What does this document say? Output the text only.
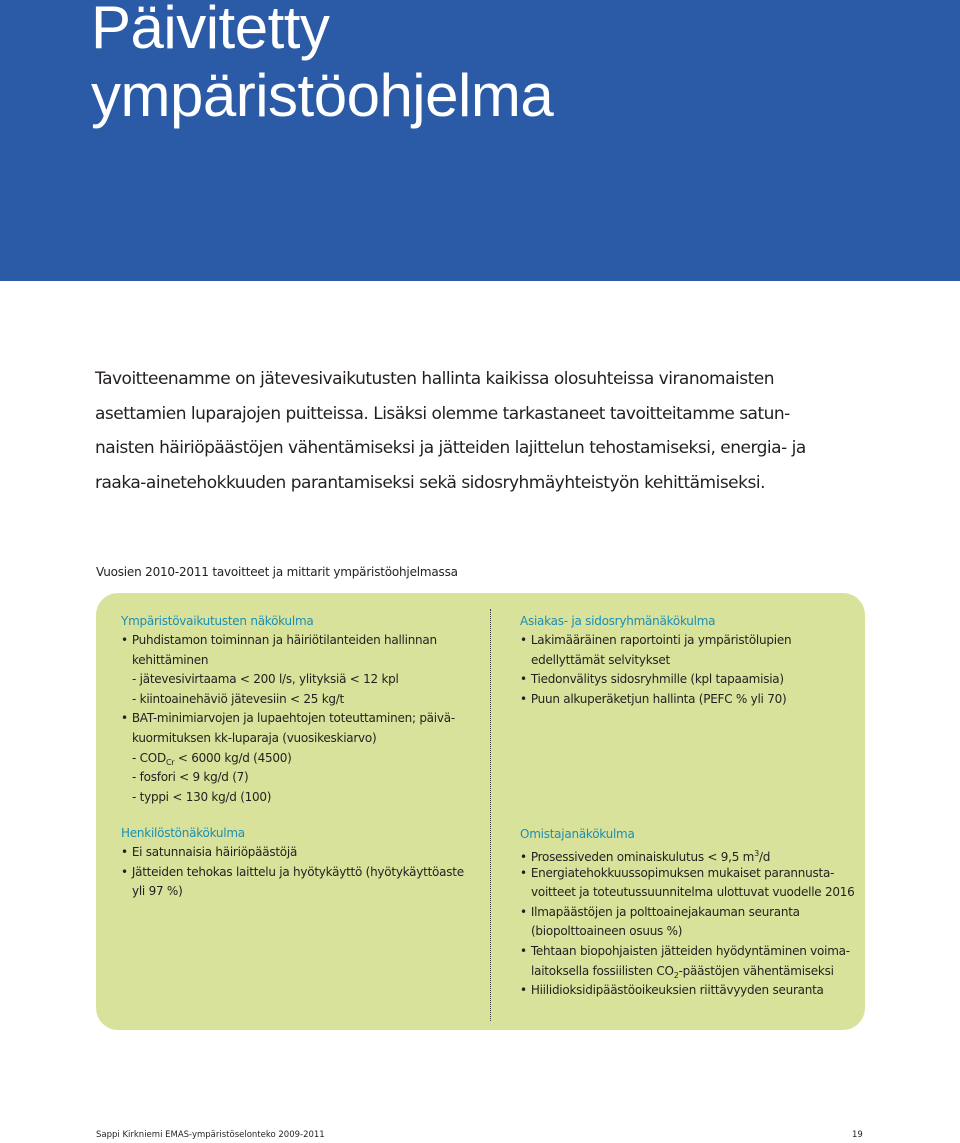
Päivitetty
ympäristöohjelma
Tavoitteenamme on jätevesivaikutusten hallinta kaikissa olosuhteissa viranomaisten
asettamien luparajojen puitteissa. Lisäksi olemme tarkastaneet tavoitteitamme satun-
naisten häiriöpäästöjen vähentämiseksi ja jätteiden lajittelun tehostamiseksi, energia- ja
raaka-ainetehokkuuden parantamiseksi sekä sidosryhmäyhteistyön kehittämiseksi.
Vuosien 2010-2011 tavoitteet ja mittarit ympäristöohjelmassa
Ympäristövaikutusten näkökulma
• Puhdistamon toiminnan ja häiriötilanteiden hallinnan
kehittäminen
- jätevesivirtaama < 200 l/s, ylityksiä < 12 kpl
- kiintoainehäviö jätevesiin < 25 kg/t
• BAT-minimiarvojen ja lupaehtojen toteuttaminen; päivä-
kuormituksen kk-luparaja (vuosikeskiarvo)
- $COD_{Cr} < 6000$ kg/d (4500)
- fosfori < 9 kg/d (7)
- typpi < 130 kg/d (100)
Asiakas- ja sidosryhmänäkökulma
• Lakimääräinen raportointi ja ympäristölupien
edellyttämät selvitykset
• Tiedonvälitys sidosryhmille (kpl tapaamisia)
• Puun alkuperäketjun hallinta (PEFC % yli 70)
Henkilöstönäkökulma
• Ei satunnaisia häiriöpäästöjä
• Jätteiden tehokas laittelu ja hyötykäyttö (hyötykäyttöaste
yli 97 %)
Omistajanäkökulma
• Prosessiveden ominaiskulutus < 9,5 $m^3/d$
• Energiatehokkuussopimuksen mukaiset parannusta-
voitteet ja toteutussuunnitelma ulottuvat vuodelle 2016
• Ilmapäästöjen ja polttoainejakauman seuranta
(biopolttoaineen osuus %)
• Tehtaan biopohjaisten jätteiden hyödyntäminen voima-
laitoksella fossiilisten $CO_2$-päästöjen vähentämiseksi
• Hiilidioksidipäästöoikeuksien riittävyyden seuranta
Sappi Kirkniemi EMAS-ympäristöselonteko 2009-2011	19
